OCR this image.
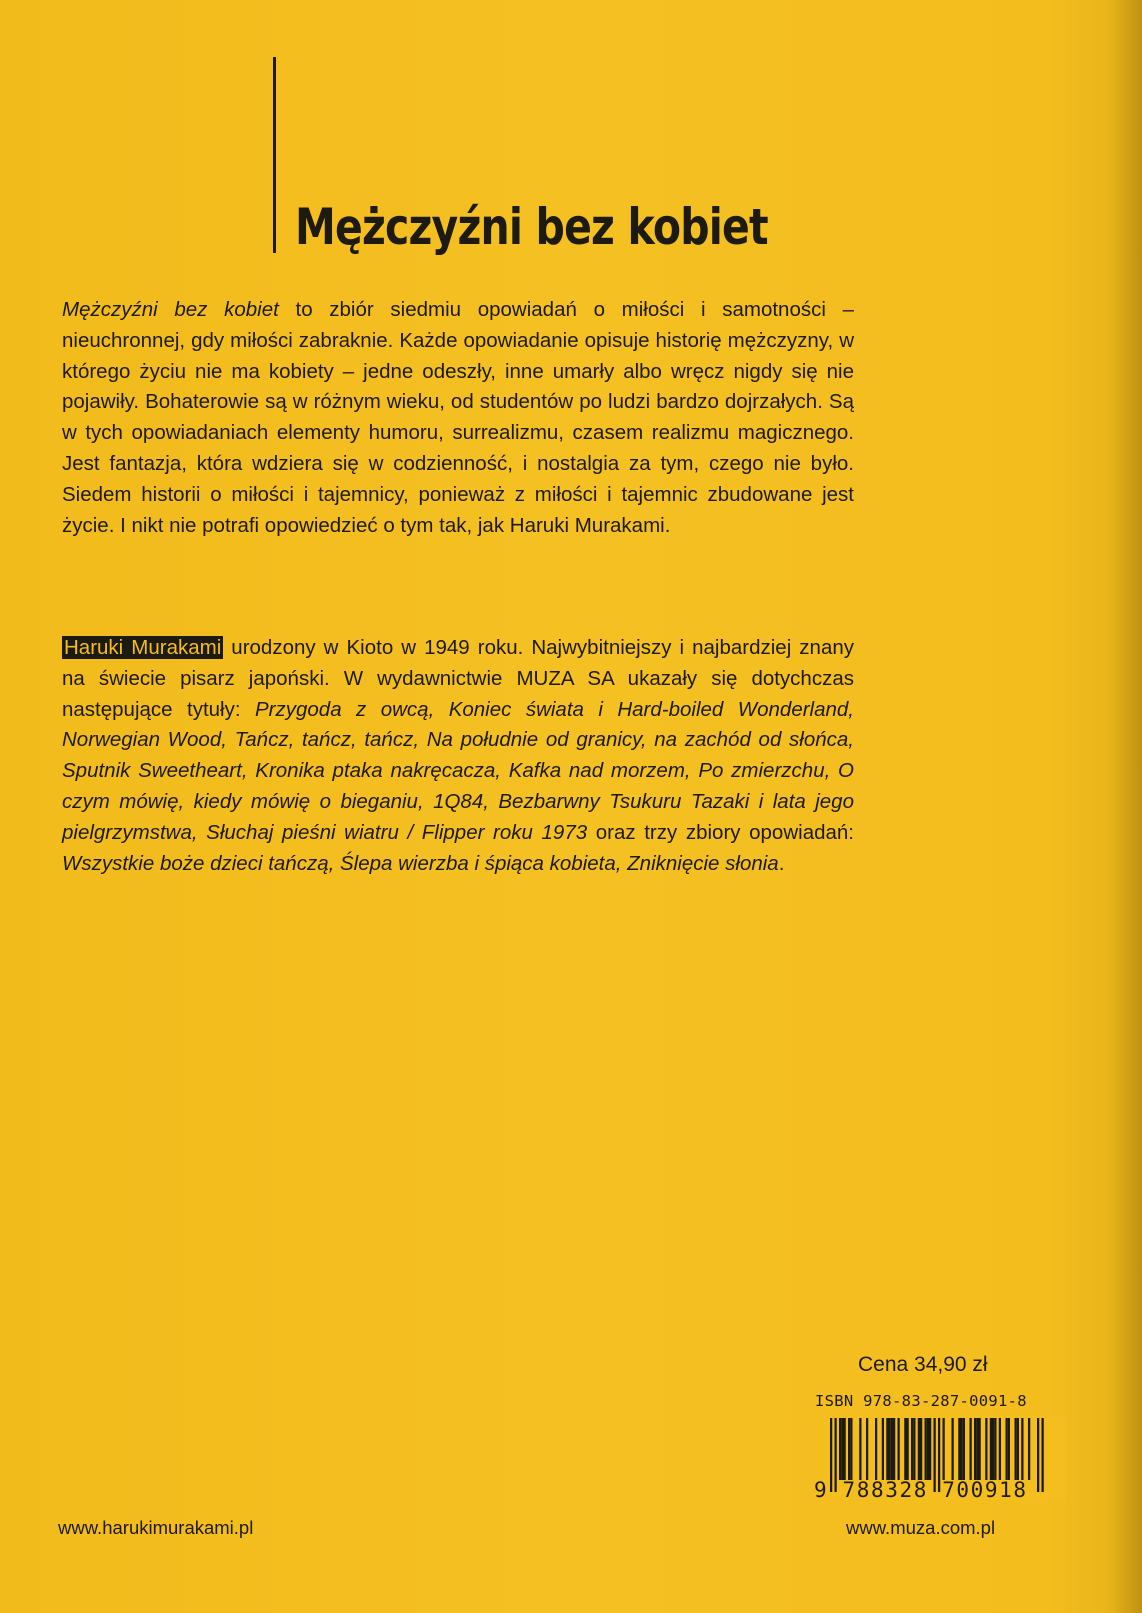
Mężczyźni bez kobiet

Mężczyźni bez kobiet to zbiór siedmiu opowiadań o miłości i samotności – nieuchronnej, gdy miłości zabraknie. Każde opowiadanie opisuje historię mężczyzny, w którego życiu nie ma kobiety – jedne odeszły, inne umarły albo wręcz nigdy się nie pojawiły. Bohaterowie są w różnym wieku, od studentów po ludzi bardzo dojrzałych. Są w tych opowiadaniach elementy humoru, surrealizmu, czasem realizmu magicznego. Jest fantazja, która wdziera się w codzienność, i nostalgia za tym, czego nie było. Siedem historii o miłości i tajemnicy, ponieważ z miłości i tajemnic zbudowane jest życie. I nikt nie potrafi opowiedzieć o tym tak, jak Haruki Murakami.

Haruki Murakami urodzony w Kioto w 1949 roku. Najwybitniejszy i najbardziej znany na świecie pisarz japoński. W wydawnictwie MUZA SA ukazały się dotychczas następujące tytuły: Przygoda z owcą, Koniec świata i Hard-boiled Wonderland, Norwegian Wood, Tańcz, tańcz, tańcz, Na południe od granicy, na zachód od słońca, Sputnik Sweetheart, Kronika ptaka nakręcacza, Kafka nad morzem, Po zmierzchu, O czym mówię, kiedy mówię o bieganiu, 1Q84, Bezbarwny Tsukuru Tazaki i lata jego pielgrzymstwa, Słuchaj pieśni wiatru / Flipper roku 1973 oraz trzy zbiory opowiadań: Wszystkie boże dzieci tańczą, Ślepa wierzba i śpiąca kobieta, Zniknięcie słonia.

Cena 34,90 zł
ISBN 978-83-287-0091-8
9 788328 700918
www.harukimurakami.pl	www.muza.com.pl
